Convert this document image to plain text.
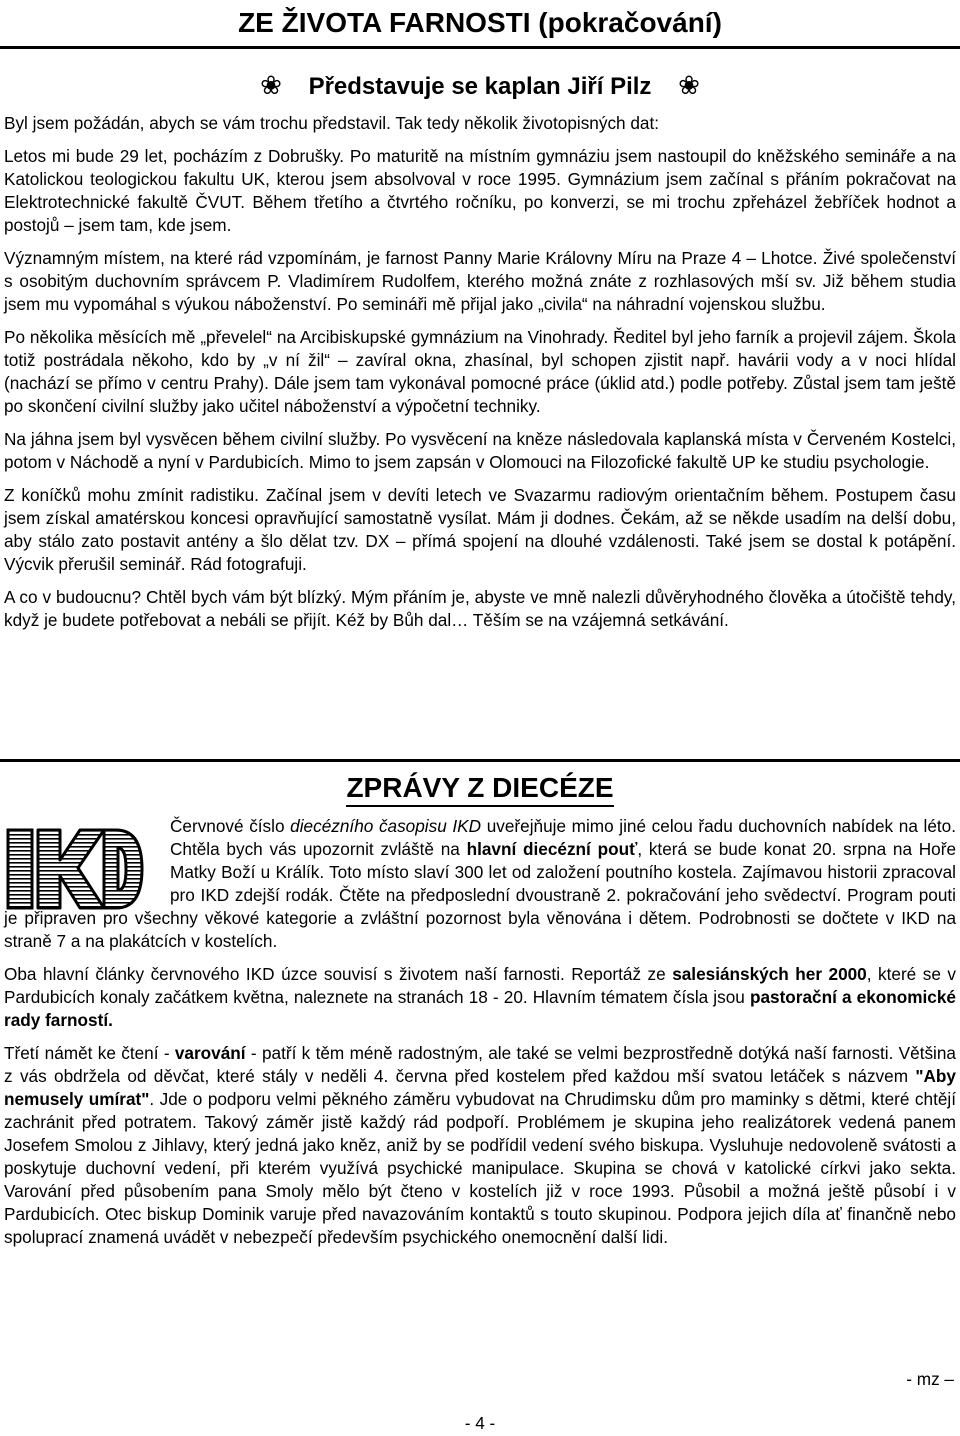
ZE ŽIVOTA FARNOSTI (pokračování)
❀ Představuje se kaplan Jiří Pilz ❀

Byl jsem požádán, abych se vám trochu představil. Tak tedy několik životopisných dat:

Letos mi bude 29 let, pocházím z Dobrušky. Po maturitě na místním gymnáziu jsem nastoupil do kněžského semináře a na Katolickou teologickou fakultu UK, kterou jsem absolvoval v roce 1995. Gymnázium jsem začínal s přáním pokračovat na Elektrotechnické fakultě ČVUT. Během třetího a čtvrtého ročníku, po konverzi, se mi trochu zpřeházel žebříček hodnot a postojů – jsem tam, kde jsem.

Významným místem, na které rád vzpomínám, je farnost Panny Marie Královny Míru na Praze 4 – Lhotce. Živé společenství s osobitým duchovním správcem P. Vladimírem Rudolfem, kterého možná znáte z rozhlasových mší sv. Již během studia jsem mu vypomáhal s výukou náboženství. Po semináři mě přijal jako „civila“ na náhradní vojenskou službu.

Po několika měsících mě „převelel“ na Arcibiskupské gymnázium na Vinohrady. Ředitel byl jeho farník a projevil zájem. Škola totiž postrádala někoho, kdo by „v ní žil“ – zavíral okna, zhasínal, byl schopen zjistit např. havárii vody a v noci hlídal (nachází se přímo v centru Prahy). Dále jsem tam vykonával pomocné práce (úklid atd.) podle potřeby. Zůstal jsem tam ještě po skončení civilní služby jako učitel náboženství a výpočetní techniky.

Na jáhna jsem byl vysvěcen během civilní služby. Po vysvěcení na kněze následovala kaplanská místa v Červeném Kostelci, potom v Náchodě a nyní v Pardubicích. Mimo to jsem zapsán v Olomouci na Filozofické fakultě UP ke studiu psychologie.

Z koníčků mohu zmínit radistiku. Začínal jsem v devíti letech ve Svazarmu radiovým orientačním během. Postupem času jsem získal amatérskou koncesi opravňující samostatně vysílat. Mám ji dodnes. Čekám, až se někde usadím na delší dobu, aby stálo zato postavit antény a šlo dělat tzv. DX – přímá spojení na dlouhé vzdálenosti. Také jsem se dostal k potápění. Výcvik přerušil seminář. Rád fotografuji.

A co v budoucnu? Chtěl bych vám být blízký. Mým přáním je, abyste ve mně nalezli důvěryhodného člověka a útočiště tehdy, když je budete potřebovat a nebáli se přijít. Kéž by Bůh dal… Těším se na vzájemná setkávání.

ZPRÁVY Z DIECÉZE

Červnové číslo diecézního časopisu IKD uveřejňuje mimo jiné celou řadu duchovních nabídek na léto. Chtěla bych vás upozornit zvláště na hlavní diecézní pouť, která se bude konat 20. srpna na Hoře Matky Boží u Králík. Toto místo slaví 300 let od založení poutního kostela. Zajímavou historii zpracoval pro IKD zdejší rodák. Čtěte na předposlední dvoustraně 2. pokračování jeho svědectví. Program pouti je připraven pro všechny věkové kategorie a zvláštní pozornost byla věnována i dětem. Podrobnosti se dočtete v IKD na straně 7 a na plakátcích v kostelích.

Oba hlavní články červnového IKD úzce souvisí s životem naší farnosti. Reportáž ze salesiánských her 2000, které se v Pardubicích konaly začátkem května, naleznete na stranách 18 - 20. Hlavním tématem čísla jsou pastorační a ekonomické rady farností.

Třetí námět ke čtení - varování - patří k těm méně radostným, ale také se velmi bezprostředně dotýká naší farnosti. Většina z vás obdržela od děvčat, které stály v neděli 4. června před kostelem před každou mší svatou letáček s názvem "Aby nemusely umírat". Jde o podporu velmi pěkného záměru vybudovat na Chrudimsku dům pro maminky s dětmi, které chtějí zachránit před potratem. Takový záměr jistě každý rád podpoří. Problémem je skupina jeho realizátorek vedená panem Josefem Smolou z Jihlavy, který jedná jako kněz, aniž by se podřídil vedení svého biskupa. Vysluhuje nedovoleně svátosti a poskytuje duchovní vedení, při kterém využívá psychické manipulace. Skupina se chová v katolické církvi jako sekta. Varování před působením pana Smoly mělo být čteno v kostelích již v roce 1993. Působil a možná ještě působí i v Pardubicích. Otec biskup Dominik varuje před navazováním kontaktů s touto skupinou. Podpora jejich díla ať finančně nebo spoluprací znamená uvádět v nebezpečí především psychického onemocnění další lidi.

- mz –
- 4 -
